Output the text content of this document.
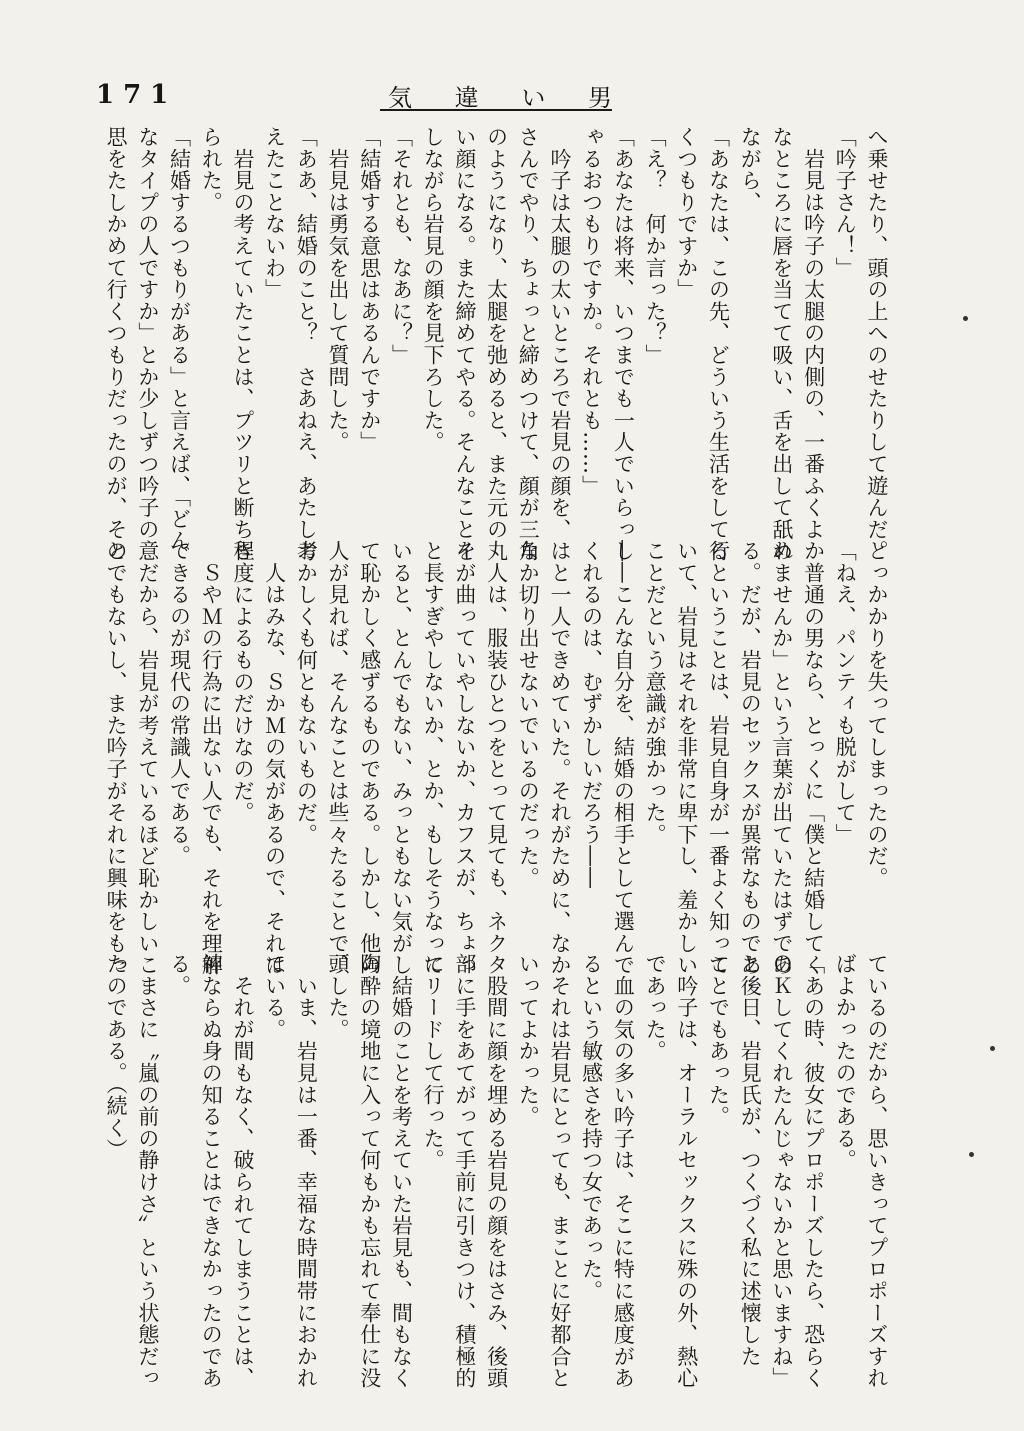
171	気違い男
へ乗せたり、頭の上へのせたりして遊んだ。
「吟子さん！」
　岩見は吟子の太腿の内側の、一番ふくよか
なところに唇を当てて吸い、舌を出して舐め
ながら、
「あなたは、この先、どういう生活をして行
くつもりですか」
「え？　何か言った？」
「あなたは将来、いつまでも一人でいらっし
ゃるおつもりですか。それとも……」
　吟子は太腿の太いところで岩見の顔を、は
さんでやり、ちょっと締めつけて、顔が三角
のようになり、太腿を弛めると、また元の丸
い顔になる。また締めてやる。そんなことを
しながら岩見の顔を見下ろした。
「それとも、なあに？」
「結婚する意思はあるんですか」
　岩見は勇気を出して質問した。
「ああ、結婚のこと？　さあねえ、あたし考
えたことないわ」
　岩見の考えていたことは、プツリと断ちき
られた。
「結婚するつもりがある」と言えば、「どん
なタイプの人ですか」とか少しずつ吟子の意
思をたしかめて行くつもりだったのが、その
とっかかりを失ってしまったのだ。
「ねえ、パンティも脱がして」
　普通の男なら、とっくに「僕と結婚してく
れませんか」という言葉が出ていたはずであ
る。だが、岩見のセックスが異常なものであ
るということは、岩見自身が一番よく知って
いて、岩見はそれを非常に卑下し、羞かしい
ことだという意識が強かった。
――こんな自分を、結婚の相手として選んで
くれるのは、むずかしいだろう――
　と一人できめていた。それがために、なか
なか切り出せないでいるのだった。
　人は、服装ひとつをとって見ても、ネクタ
イが曲っていやしないか、カフスが、ちょっ
と長すぎやしないか、とか、もしそうなって
いると、とんでもない、みっともない気がし
て恥かしく感ずるものである。しかし、他の
人が見れば、そんなことは些々たることで、
おかしくも何ともないものだ。
　人はみな、ＳかＭの気があるので、それは
程度によるものだけなのだ。
　ＳやＭの行為に出ない人でも、それを理解
できるのが現代の常識人である。
　だから、岩見が考えているほど恥かしいこ
とでもないし、また吟子がそれに興味をもっ
ているのだから、思いきってプロポーズすれ
ばよかったのである。
「あの時、彼女にプロポーズしたら、恐らく
ＯＫしてくれたんじゃないかと思いますね」
と後日、岩見氏が、つくづく私に述懐した
ことでもあった。
　吟子は、オーラルセックスに殊の外、熱心
であった。
　血の気の多い吟子は、そこに特に感度があ
るという敏感さを持つ女であった。
　それは岩見にとっても、まことに好都合と
いってよかった。
　股間に顔を埋める岩見の顔をはさみ、後頭
部に手をあてがって手前に引きつけ、積極的
にリードして行った。
　結婚のことを考えていた岩見も、間もなく
陶酔の境地に入って何もかも忘れて奉仕に没
頭した。
　いま、岩見は一番、幸福な時間帯におかれ
ている。
　それが間もなく、破られてしまうことは、
神ならぬ身の知ることはできなかったのであ
る。
　まさに〝嵐の前の静けさ〟という状態だっ
たのである。（続く）
